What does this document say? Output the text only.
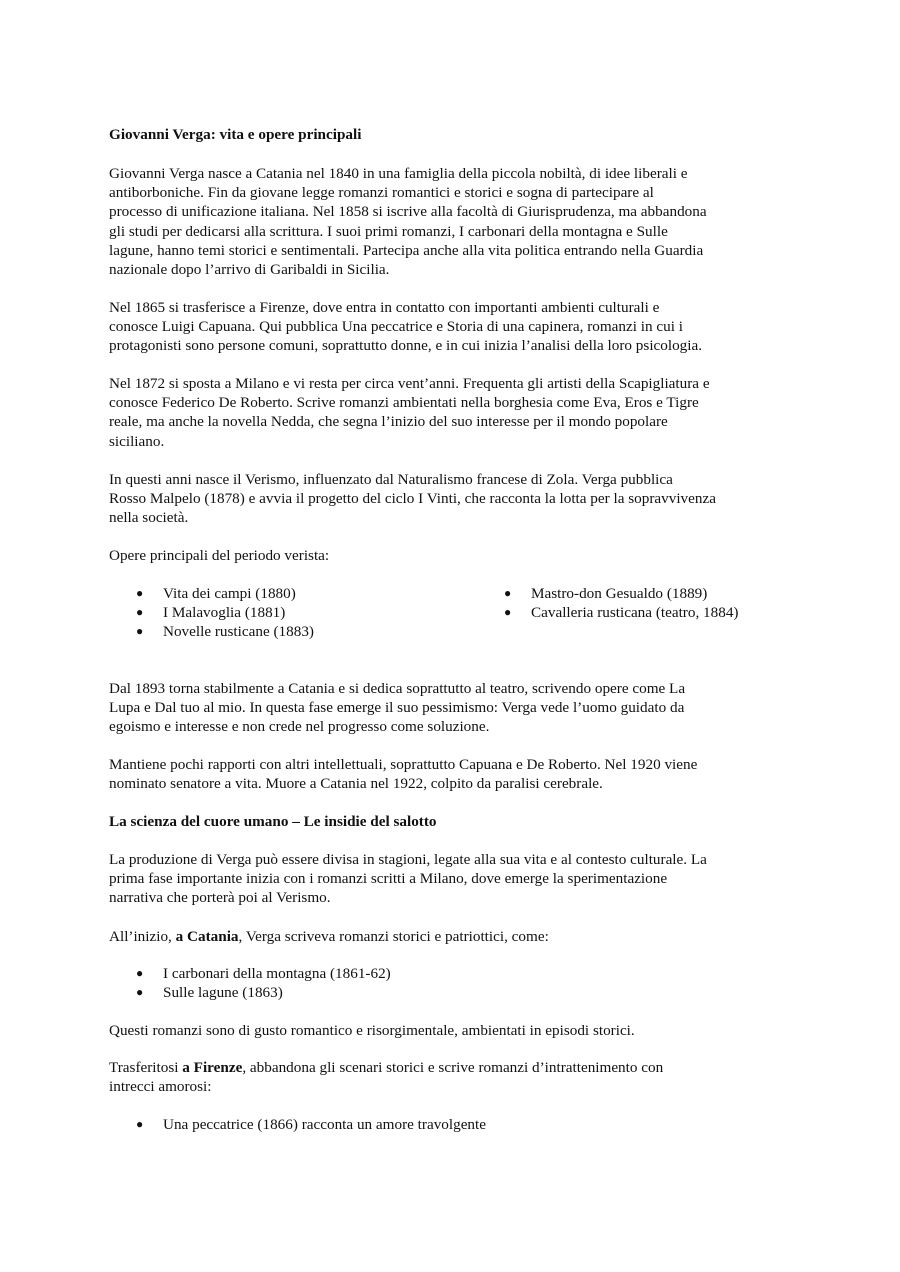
Giovanni Verga: vita e opere principali

Giovanni Verga nasce a Catania nel 1840 in una famiglia della piccola nobiltà, di idee liberali e
antiborboniche. Fin da giovane legge romanzi romantici e storici e sogna di partecipare al
processo di unificazione italiana. Nel 1858 si iscrive alla facoltà di Giurisprudenza, ma abbandona
gli studi per dedicarsi alla scrittura. I suoi primi romanzi, I carbonari della montagna e Sulle
lagune, hanno temi storici e sentimentali. Partecipa anche alla vita politica entrando nella Guardia
nazionale dopo l’arrivo di Garibaldi in Sicilia.

Nel 1865 si trasferisce a Firenze, dove entra in contatto con importanti ambienti culturali e
conosce Luigi Capuana. Qui pubblica Una peccatrice e Storia di una capinera, romanzi in cui i
protagonisti sono persone comuni, soprattutto donne, e in cui inizia l’analisi della loro psicologia.

Nel 1872 si sposta a Milano e vi resta per circa vent’anni. Frequenta gli artisti della Scapigliatura e
conosce Federico De Roberto. Scrive romanzi ambientati nella borghesia come Eva, Eros e Tigre
reale, ma anche la novella Nedda, che segna l’inizio del suo interesse per il mondo popolare
siciliano.

In questi anni nasce il Verismo, influenzato dal Naturalismo francese di Zola. Verga pubblica
Rosso Malpelo (1878) e avvia il progetto del ciclo I Vinti, che racconta la lotta per la sopravvivenza
nella società.

Opere principali del periodo verista:

● Vita dei campi (1880)

● I Malavoglia (1881)

● Novelle rusticane (1883)

● Mastro-don Gesualdo (1889)

● Cavalleria rusticana (teatro, 1884)

Dal 1893 torna stabilmente a Catania e si dedica soprattutto al teatro, scrivendo opere come La
Lupa e Dal tuo al mio. In questa fase emerge il suo pessimismo: Verga vede l’uomo guidato da
egoismo e interesse e non crede nel progresso come soluzione.

Mantiene pochi rapporti con altri intellettuali, soprattutto Capuana e De Roberto. Nel 1920 viene
nominato senatore a vita. Muore a Catania nel 1922, colpito da paralisi cerebrale.

La scienza del cuore umano – Le insidie del salotto

La produzione di Verga può essere divisa in stagioni, legate alla sua vita e al contesto culturale. La
prima fase importante inizia con i romanzi scritti a Milano, dove emerge la sperimentazione
narrativa che porterà poi al Verismo.

All’inizio, a Catania, Verga scriveva romanzi storici e patriottici, come:

● I carbonari della montagna (1861-62)

● Sulle lagune (1863)

Questi romanzi sono di gusto romantico e risorgimentale, ambientati in episodi storici.

Trasferitosi a Firenze, abbandona gli scenari storici e scrive romanzi d’intrattenimento con
intrecci amorosi:

● Una peccatrice (1866) racconta un amore travolgente
